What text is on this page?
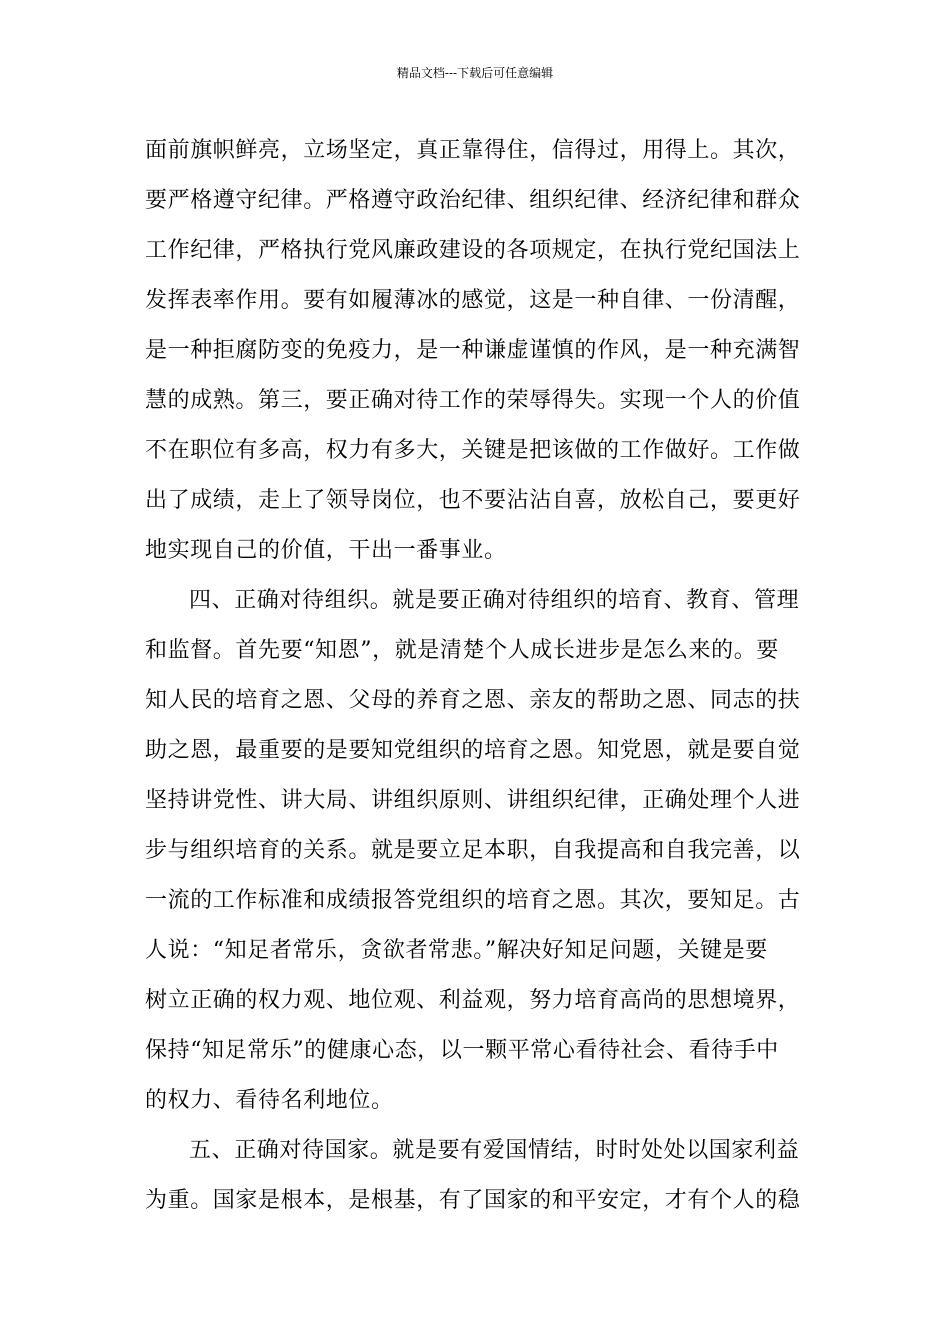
精品文档---下载后可任意编辑
面前旗帜鲜亮，立场坚定，真正靠得住，信得过，用得上。其次，
要严格遵守纪律。严格遵守政治纪律、组织纪律、经济纪律和群众
工作纪律，严格执行党风廉政建设的各项规定，在执行党纪国法上
发挥表率作用。要有如履薄冰的感觉，这是一种自律、一份清醒，
是一种拒腐防变的免疫力，是一种谦虚谨慎的作风，是一种充满智
慧的成熟。第三，要正确对待工作的荣辱得失。实现一个人的价值
不在职位有多高，权力有多大，关键是把该做的工作做好。工作做
出了成绩，走上了领导岗位，也不要沾沾自喜，放松自己，要更好
地实现自己的价值，干出一番事业。
四、正确对待组织。就是要正确对待组织的培育、教育、管理
和监督。首先要“知恩”，就是清楚个人成长进步是怎么来的。要
知人民的培育之恩、父母的养育之恩、亲友的帮助之恩、同志的扶
助之恩，最重要的是要知党组织的培育之恩。知党恩，就是要自觉
坚持讲党性、讲大局、讲组织原则、讲组织纪律，正确处理个人进
步与组织培育的关系。就是要立足本职，自我提高和自我完善，以
一流的工作标准和成绩报答党组织的培育之恩。其次，要知足。古
人说：“知足者常乐，贪欲者常悲。”解决好知足问题，关键是要
树立正确的权力观、地位观、利益观，努力培育高尚的思想境界，
保持“知足常乐”的健康心态，以一颗平常心看待社会、看待手中
的权力、看待名利地位。
五、正确对待国家。就是要有爱国情结，时时处处以国家利益
为重。国家是根本，是根基，有了国家的和平安定，才有个人的稳
